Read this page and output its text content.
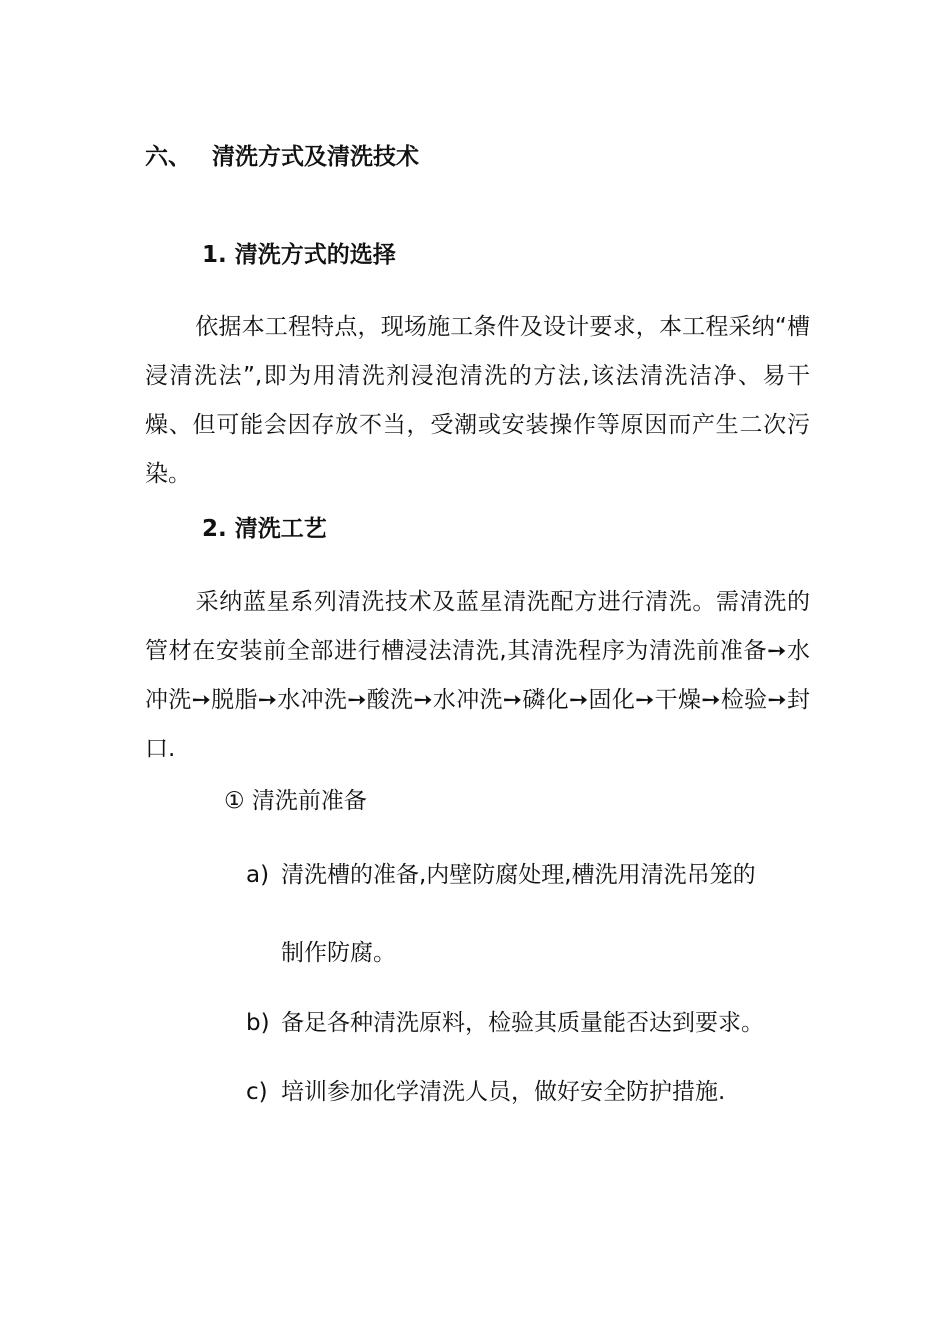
六、 清洗方式及清洗技术
1. 清洗方式的选择
依据本工程特点，现场施工条件及设计要求，本工程采纳“槽浸清洗法”,即为用清洗剂浸泡清洗的方法,该法清洗洁净、易干燥、但可能会因存放不当，受潮或安装操作等原因而产生二次污染。
2. 清洗工艺
采纳蓝星系列清洗技术及蓝星清洗配方进行清洗。需清洗的管材在安装前全部进行槽浸法清洗,其清洗程序为清洗前准备➙水冲洗➙脱脂➙水冲洗➙酸洗➙水冲洗➙磷化➙固化➙干燥➙检验➙封口.
① 清洗前准备
a) 清洗槽的准备,内壁防腐处理,槽洗用清洗吊笼的
制作防腐。
b) 备足各种清洗原料，检验其质量能否达到要求。
c) 培训参加化学清洗人员，做好安全防护措施.
